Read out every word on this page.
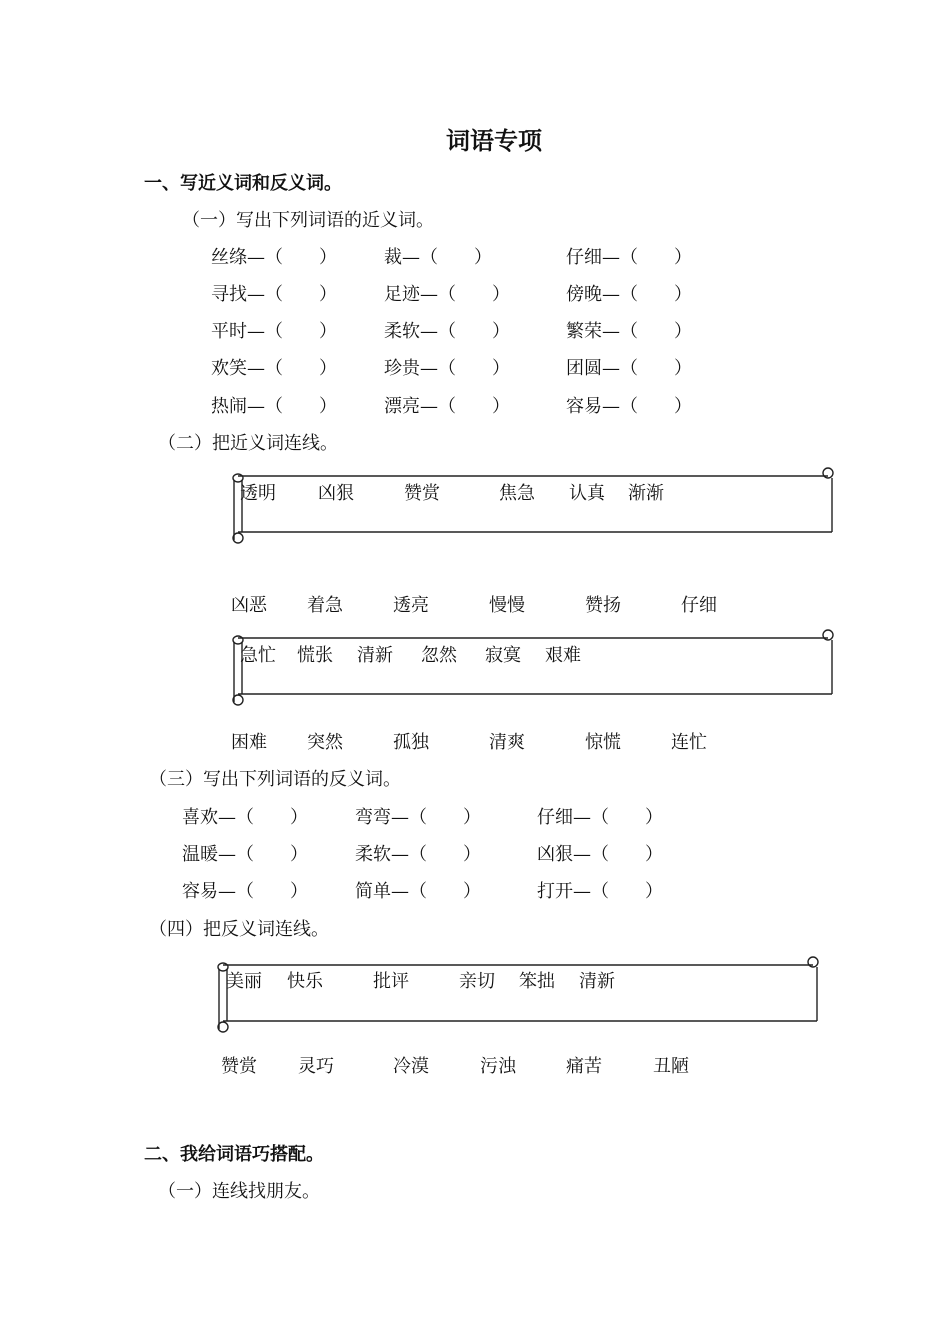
词语专项
一、写近义词和反义词。
（一）写出下列词语的近义词。
丝绦—（　　）	裁—（　　）	仔细—（　　）
寻找—（　　）	足迹—（　　）	傍晚—（　　）
平时—（　　）	柔软—（　　）	繁荣—（　　）
欢笑—（　　）	珍贵—（　　）	团圆—（　　）
热闹—（　　）	漂亮—（　　）	容易—（　　）
（二）把近义词连线。
透明 凶狠	赞赏	焦急 认真 渐渐
凶恶 着急	透亮	慢慢	赞扬	仔细
急忙 慌张 清新 忽然 寂寞 艰难
困难 突然	孤独	清爽	惊慌	连忙
（三）写出下列词语的反义词。
喜欢—（　　）	弯弯—（　　）	仔细—（　　）
温暖—（　　）	柔软—（　　）	凶狠—（　　）
容易—（　　）	简单—（　　）	打开—（　　）
（四）把反义词连线。
美丽 快乐	批评	亲切 笨拙 清新
赞赏 灵巧	冷漠	污浊	痛苦	丑陋
二、我给词语巧搭配。
（一）连线找朋友。
